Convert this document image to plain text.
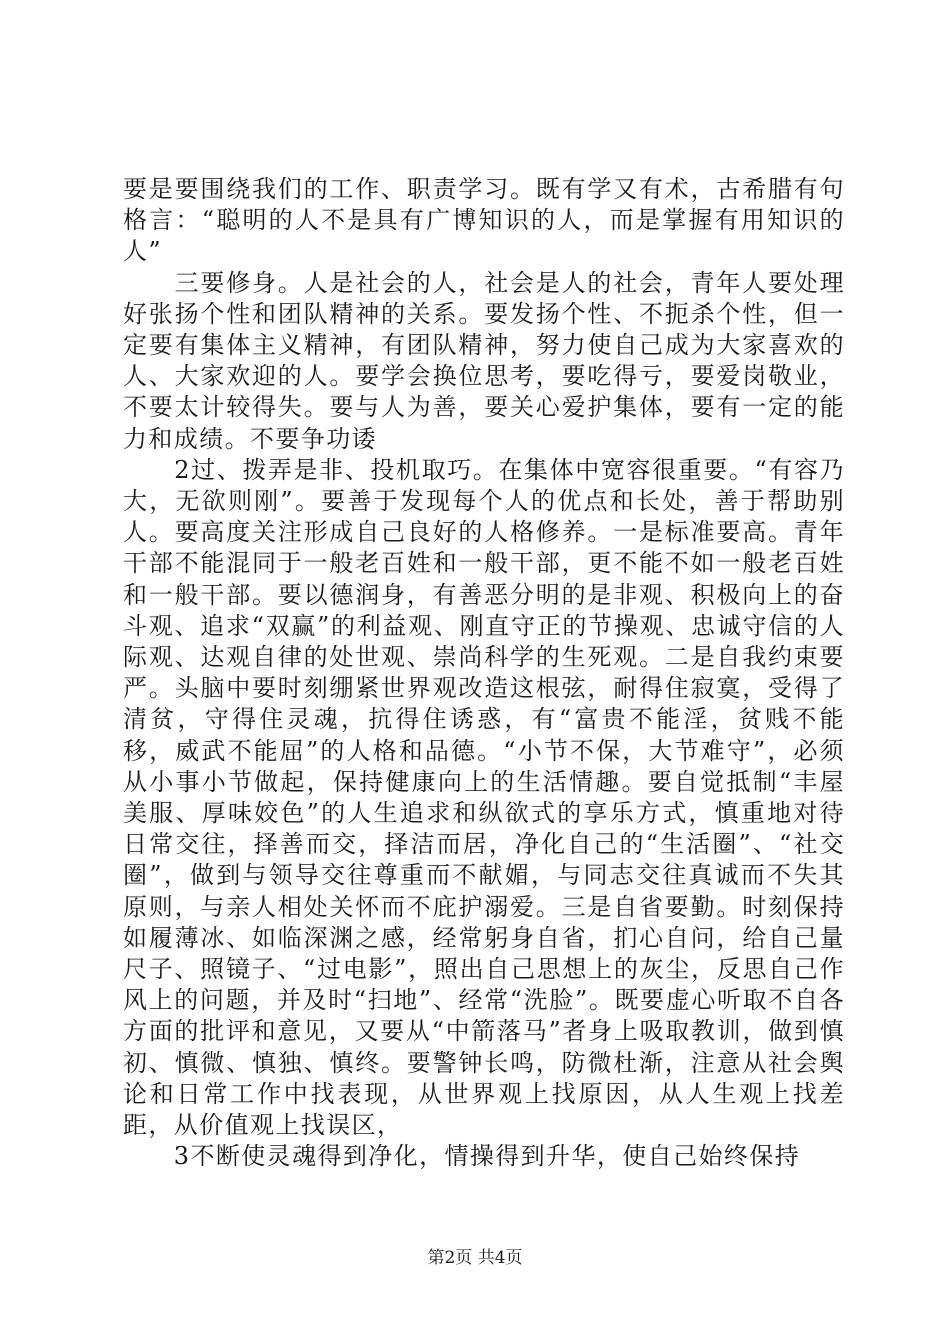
要是要围绕我们的工作、职责学习。既有学又有术，古希腊有句格言：“聪明的人不是具有广博知识的人，而是掌握有用知识的人”

　　三要修身。人是社会的人，社会是人的社会，青年人要处理好张扬个性和团队精神的关系。要发扬个性、不扼杀个性，但一定要有集体主义精神，有团队精神，努力使自己成为大家喜欢的人、大家欢迎的人。要学会换位思考，要吃得亏，要爱岗敬业，不要太计较得失。要与人为善，要关心爱护集体，要有一定的能力和成绩。不要争功诿

　　2过、拨弄是非、投机取巧。在集体中宽容很重要。“有容乃大，无欲则刚”。要善于发现每个人的优点和长处，善于帮助别人。要高度关注形成自己良好的人格修养。一是标准要高。青年干部不能混同于一般老百姓和一般干部，更不能不如一般老百姓和一般干部。要以德润身，有善恶分明的是非观、积极向上的奋斗观、追求“双赢”的利益观、刚直守正的节操观、忠诚守信的人际观、达观自律的处世观、崇尚科学的生死观。二是自我约束要严。头脑中要时刻绷紧世界观改造这根弦，耐得住寂寞，受得了清贫，守得住灵魂，抗得住诱惑，有“富贵不能淫，贫贱不能移，威武不能屈”的人格和品德。“小节不保，大节难守”，必须从小事小节做起，保持健康向上的生活情趣。要自觉抵制“丰屋美服、厚味姣色”的人生追求和纵欲式的享乐方式，慎重地对待日常交往，择善而交，择洁而居，净化自己的“生活圈”、“社交圈”，做到与领导交往尊重而不献媚，与同志交往真诚而不失其原则，与亲人相处关怀而不庇护溺爱。三是自省要勤。时刻保持如履薄冰、如临深渊之感，经常躬身自省，扪心自问，给自己量尺子、照镜子、“过电影”，照出自己思想上的灰尘，反思自己作风上的问题，并及时“扫地”、经常“洗脸”。既要虚心听取不自各方面的批评和意见，又要从“中箭落马”者身上吸取教训，做到慎初、慎微、慎独、慎终。要警钟长鸣，防微杜渐，注意从社会舆论和日常工作中找表现，从世界观上找原因，从人生观上找差距，从价值观上找误区，

　　3不断使灵魂得到净化，情操得到升华，使自己始终保持

第2页 共4页
